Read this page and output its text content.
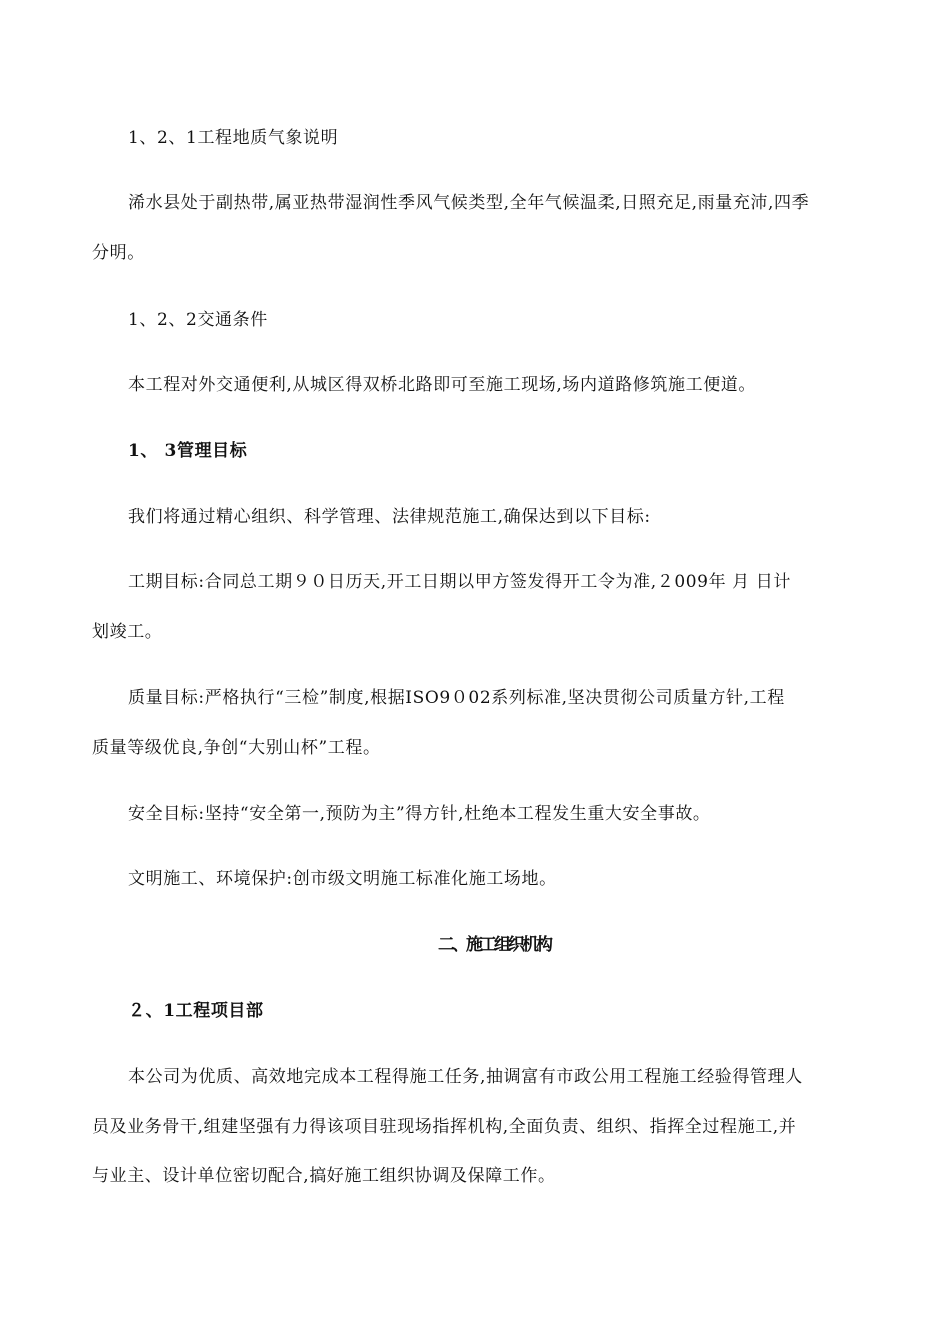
1、2、1工程地质气象说明
浠水县处于副热带,属亚热带湿润性季风气候类型,全年气候温柔,日照充足,雨量充沛,四季
分明。
1、2、2交通条件
本工程对外交通便利,从城区得双桥北路即可至施工现场,场内道路修筑施工便道。
1、 3管理目标
我们将通过精心组织、科学管理、法律规范施工,确保达到以下目标:
工期目标:合同总工期９０日历天,开工日期以甲方签发得开工令为准,２009年 月 日计
划竣工。
质量目标:严格执行“三检”制度,根据ISO9０02系列标准,坚决贯彻公司质量方针,工程
质量等级优良,争创“大别山杯”工程。
安全目标:坚持“安全第一,预防为主”得方针,杜绝本工程发生重大安全事故。
文明施工、环境保护:创市级文明施工标准化施工场地。
二、施工组织机构
２、1工程项目部
本公司为优质、高效地完成本工程得施工任务,抽调富有市政公用工程施工经验得管理人
员及业务骨干,组建坚强有力得该项目驻现场指挥机构,全面负责、组织、指挥全过程施工,并
与业主、设计单位密切配合,搞好施工组织协调及保障工作。
